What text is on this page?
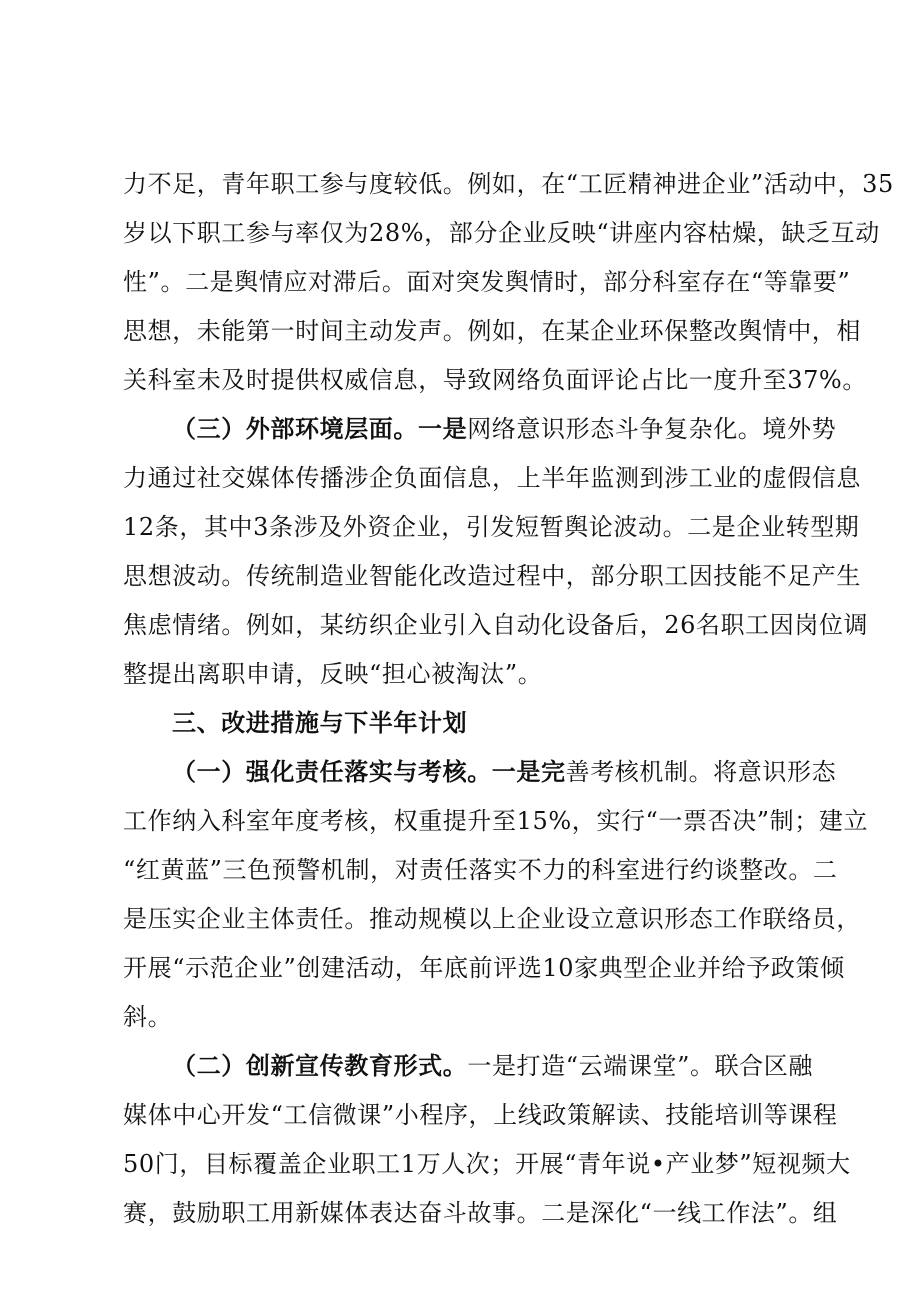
力不足，青年职工参与度较低。例如，在“工匠精神进企业”活动中，35
岁以下职工参与率仅为28%，部分企业反映“讲座内容枯燥，缺乏互动
性”。二是舆情应对滞后。面对突发舆情时，部分科室存在“等靠要”
思想，未能第一时间主动发声。例如，在某企业环保整改舆情中，相
关科室未及时提供权威信息，导致网络负面评论占比一度升至37%。
（三）外部环境层面。一是网络意识形态斗争复杂化。境外势
力通过社交媒体传播涉企负面信息，上半年监测到涉工业的虚假信息
12条，其中3条涉及外资企业，引发短暂舆论波动。二是企业转型期
思想波动。传统制造业智能化改造过程中，部分职工因技能不足产生
焦虑情绪。例如，某纺织企业引入自动化设备后，26名职工因岗位调
整提出离职申请，反映“担心被淘汰”。
三、改进措施与下半年计划
（一）强化责任落实与考核。一是完善考核机制。将意识形态
工作纳入科室年度考核，权重提升至15%，实行“一票否决”制；建立
“红黄蓝”三色预警机制，对责任落实不力的科室进行约谈整改。二
是压实企业主体责任。推动规模以上企业设立意识形态工作联络员，
开展“示范企业”创建活动，年底前评选10家典型企业并给予政策倾
斜。
（二）创新宣传教育形式。一是打造“云端课堂”。联合区融
媒体中心开发“工信微课”小程序，上线政策解读、技能培训等课程
50门，目标覆盖企业职工1万人次；开展“青年说•产业梦”短视频大
赛，鼓励职工用新媒体表达奋斗故事。二是深化“一线工作法”。组
